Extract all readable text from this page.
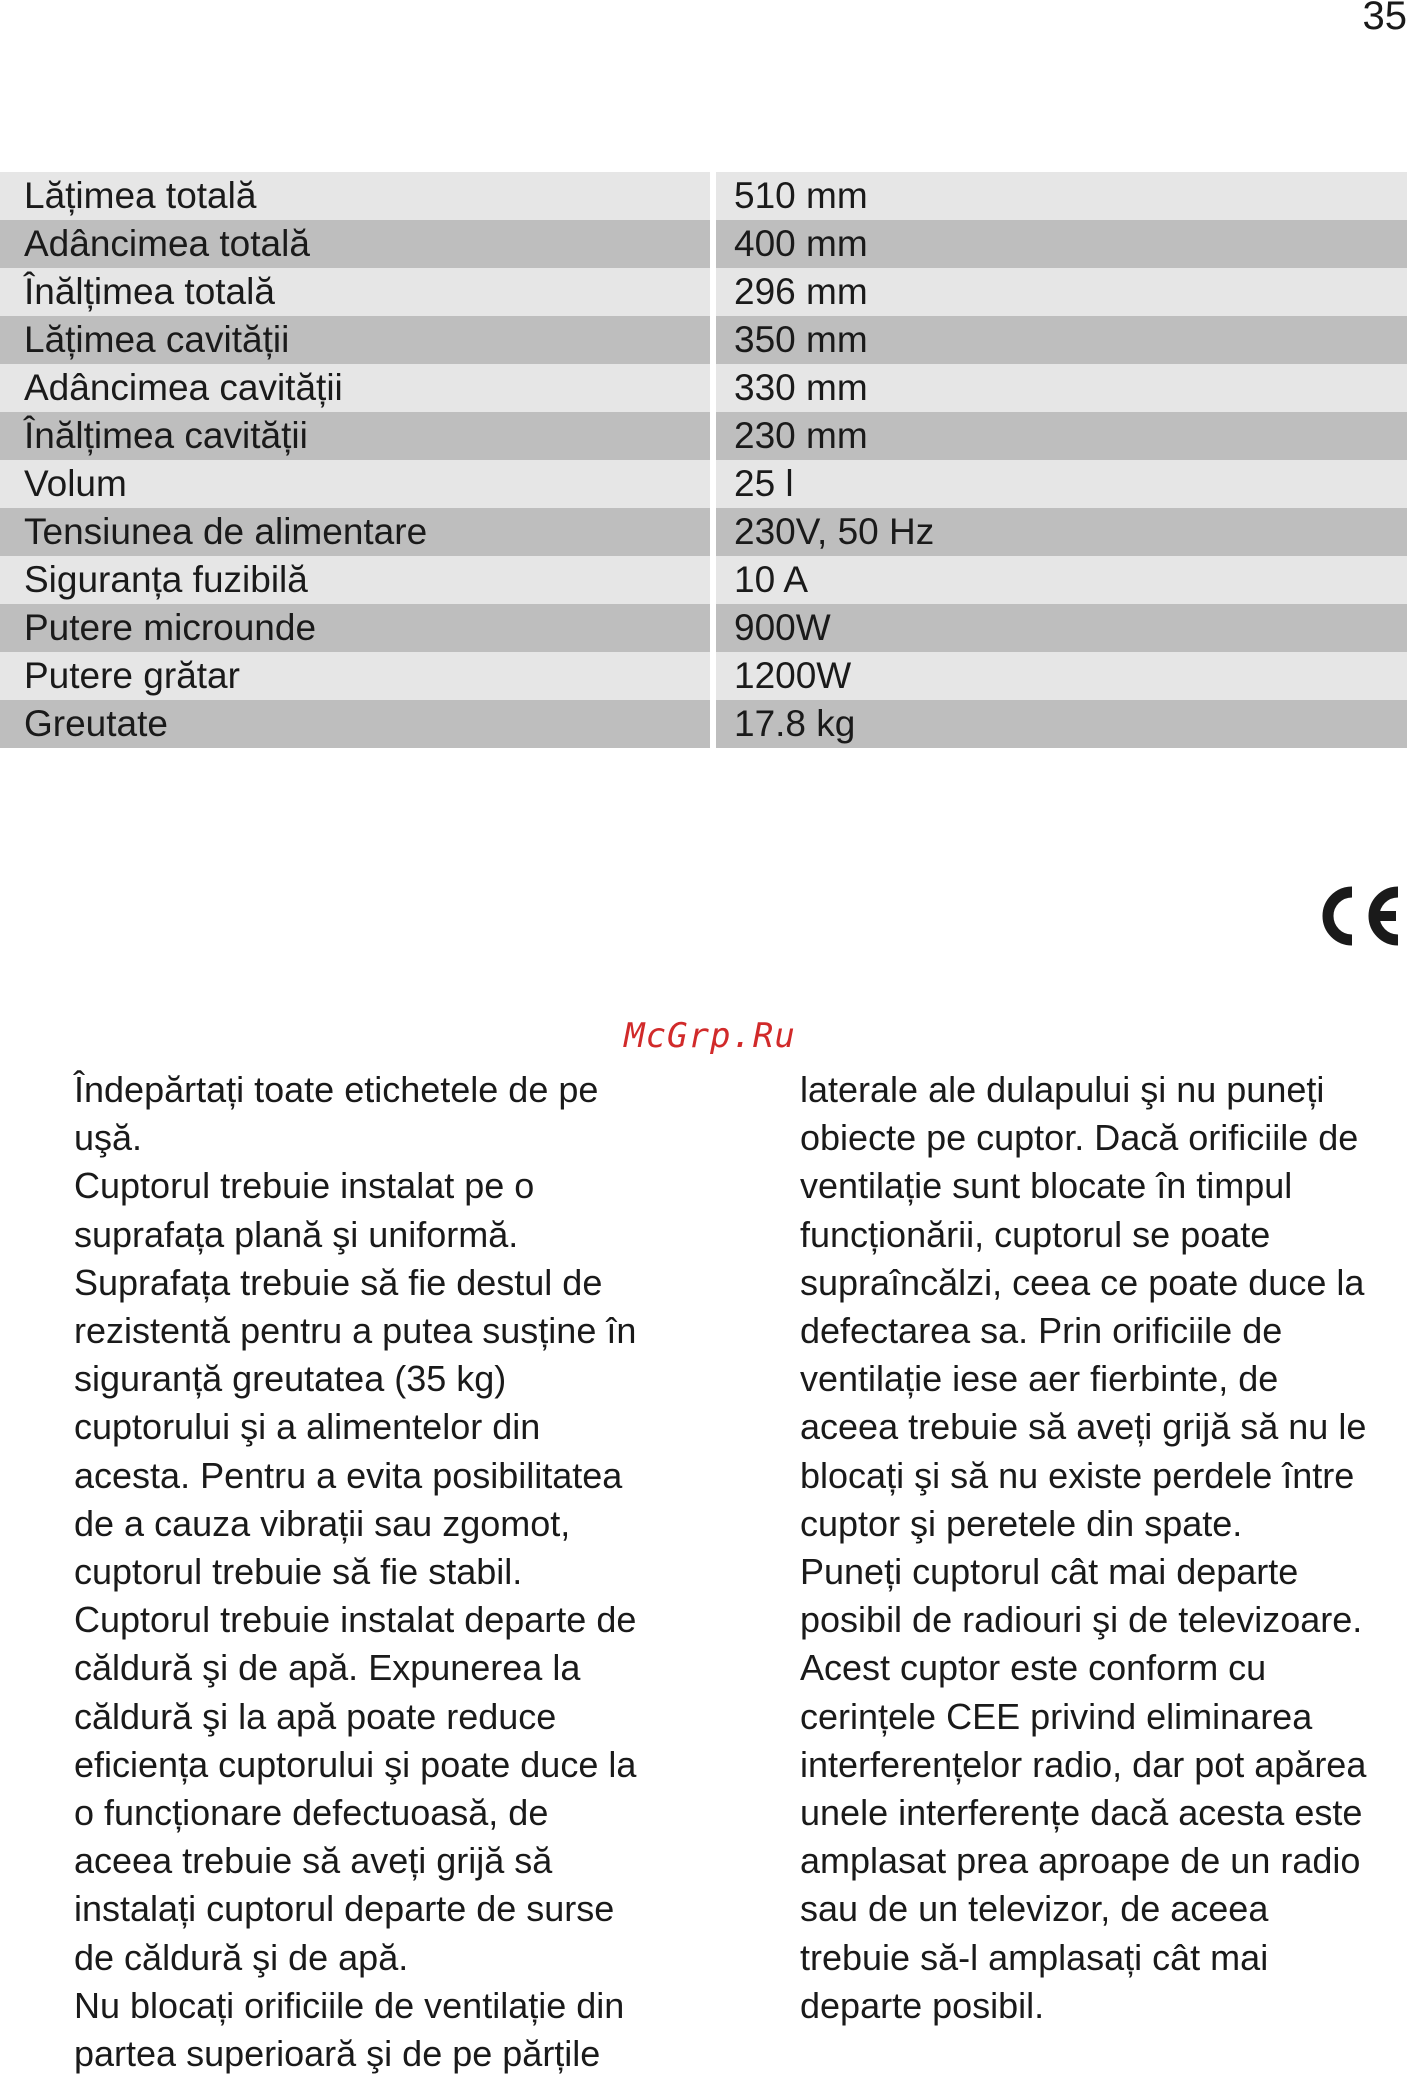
35
Lățimea totală	510 mm
Adâncimea totală	400 mm
Înălțimea totală	296 mm
Lățimea cavității	350 mm
Adâncimea cavității	330 mm
Înălțimea cavității	230 mm
Volum	25 l
Tensiunea de alimentare	230V, 50 Hz
Siguranța fuzibilă	10 A
Putere microunde	900W
Putere grătar	1200W
Greutate	17.8 kg
McGrp.Ru
Îndepărtați toate etichetele de pe
uşă.
Cuptorul trebuie instalat pe o
suprafața plană şi uniformă.
Suprafața trebuie să fie destul de
rezistentă pentru a putea susține în
siguranță greutatea (35 kg)
cuptorului şi a alimentelor din
acesta. Pentru a evita posibilitatea
de a cauza vibrații sau zgomot,
cuptorul trebuie să fie stabil.
Cuptorul trebuie instalat departe de
căldură şi de apă. Expunerea la
căldură şi la apă poate reduce
eficiența cuptorului şi poate duce la
o funcționare defectuoasă, de
aceea trebuie să aveți grijă să
instalați cuptorul departe de surse
de căldură şi de apă.
Nu blocați orificiile de ventilație din
partea superioară şi de pe părțile
laterale ale dulapului şi nu puneți
obiecte pe cuptor. Dacă orificiile de
ventilație sunt blocate în timpul
funcționării, cuptorul se poate
supraîncălzi, ceea ce poate duce la
defectarea sa. Prin orificiile de
ventilație iese aer fierbinte, de
aceea trebuie să aveți grijă să nu le
blocați şi să nu existe perdele între
cuptor şi peretele din spate.
Puneți cuptorul cât mai departe
posibil de radiouri şi de televizoare.
Acest cuptor este conform cu
cerințele CEE privind eliminarea
interferențelor radio, dar pot apărea
unele interferențe dacă acesta este
amplasat prea aproape de un radio
sau de un televizor, de aceea
trebuie să-l amplasați cât mai
departe posibil.
